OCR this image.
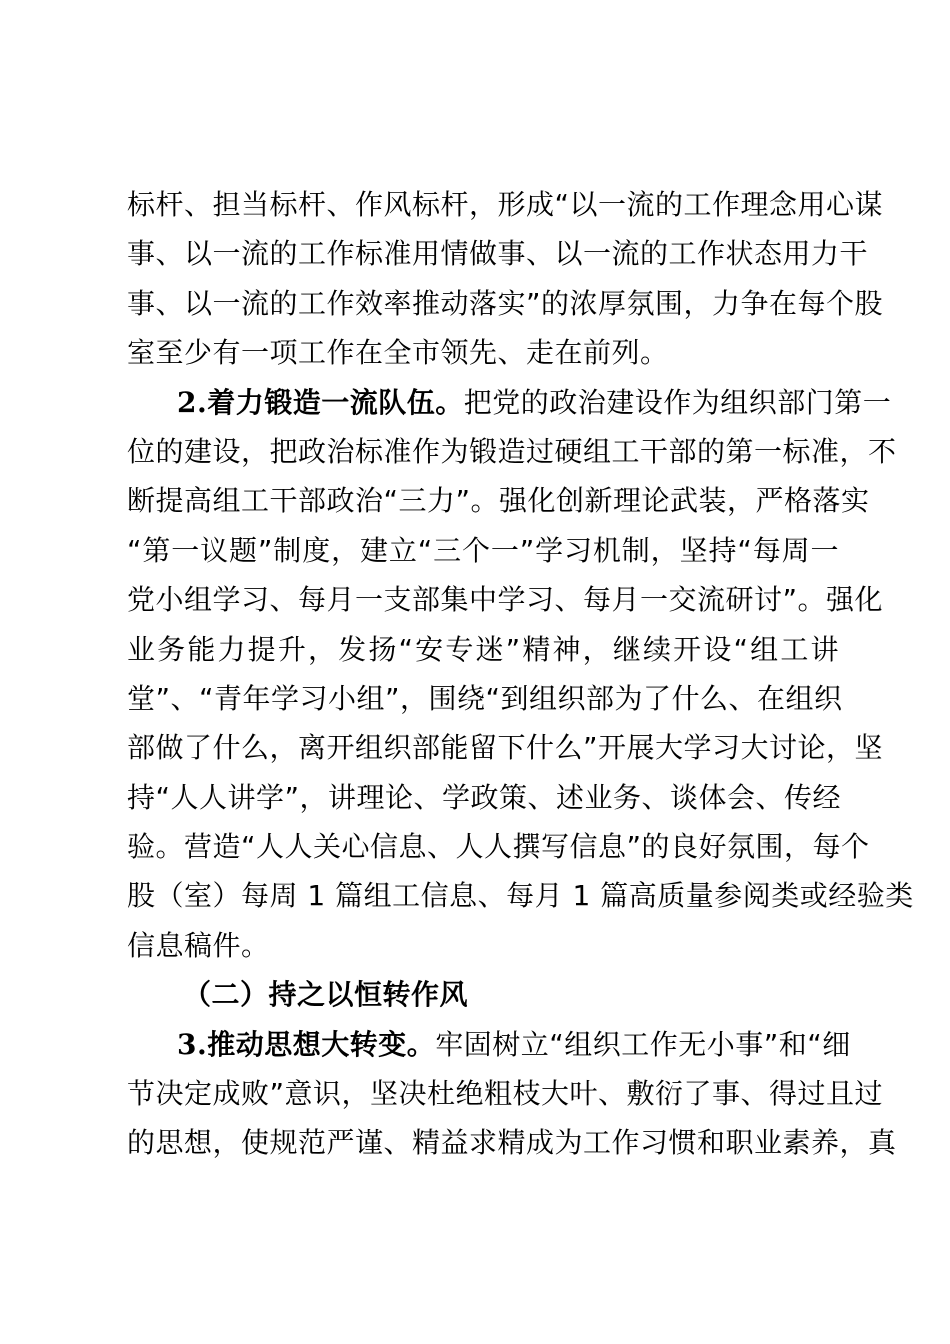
标杆、担当标杆、作风标杆，形成“以一流的工作理念用心谋
事、以一流的工作标准用情做事、以一流的工作状态用力干
事、以一流的工作效率推动落实”的浓厚氛围，力争在每个股
室至少有一项工作在全市领先、走在前列。
2.着力锻造一流队伍。把党的政治建设作为组织部门第一
位的建设，把政治标准作为锻造过硬组工干部的第一标准，不
断提高组工干部政治“三力”。强化创新理论武装，严格落实
“第一议题”制度，建立“三个一”学习机制，坚持“每周一
党小组学习、每月一支部集中学习、每月一交流研讨”。强化
业务能力提升，发扬“安专迷”精神，继续开设“组工讲
堂”、“青年学习小组”，围绕“到组织部为了什么、在组织
部做了什么，离开组织部能留下什么”开展大学习大讨论，坚
持“人人讲学”，讲理论、学政策、述业务、谈体会、传经
验。营造“人人关心信息、人人撰写信息”的良好氛围，每个
股（室）每周 1 篇组工信息、每月 1 篇高质量参阅类或经验类
信息稿件。
（二）持之以恒转作风
3.推动思想大转变。牢固树立“组织工作无小事”和“细
节决定成败”意识，坚决杜绝粗枝大叶、敷衍了事、得过且过
的思想，使规范严谨、精益求精成为工作习惯和职业素养，真
